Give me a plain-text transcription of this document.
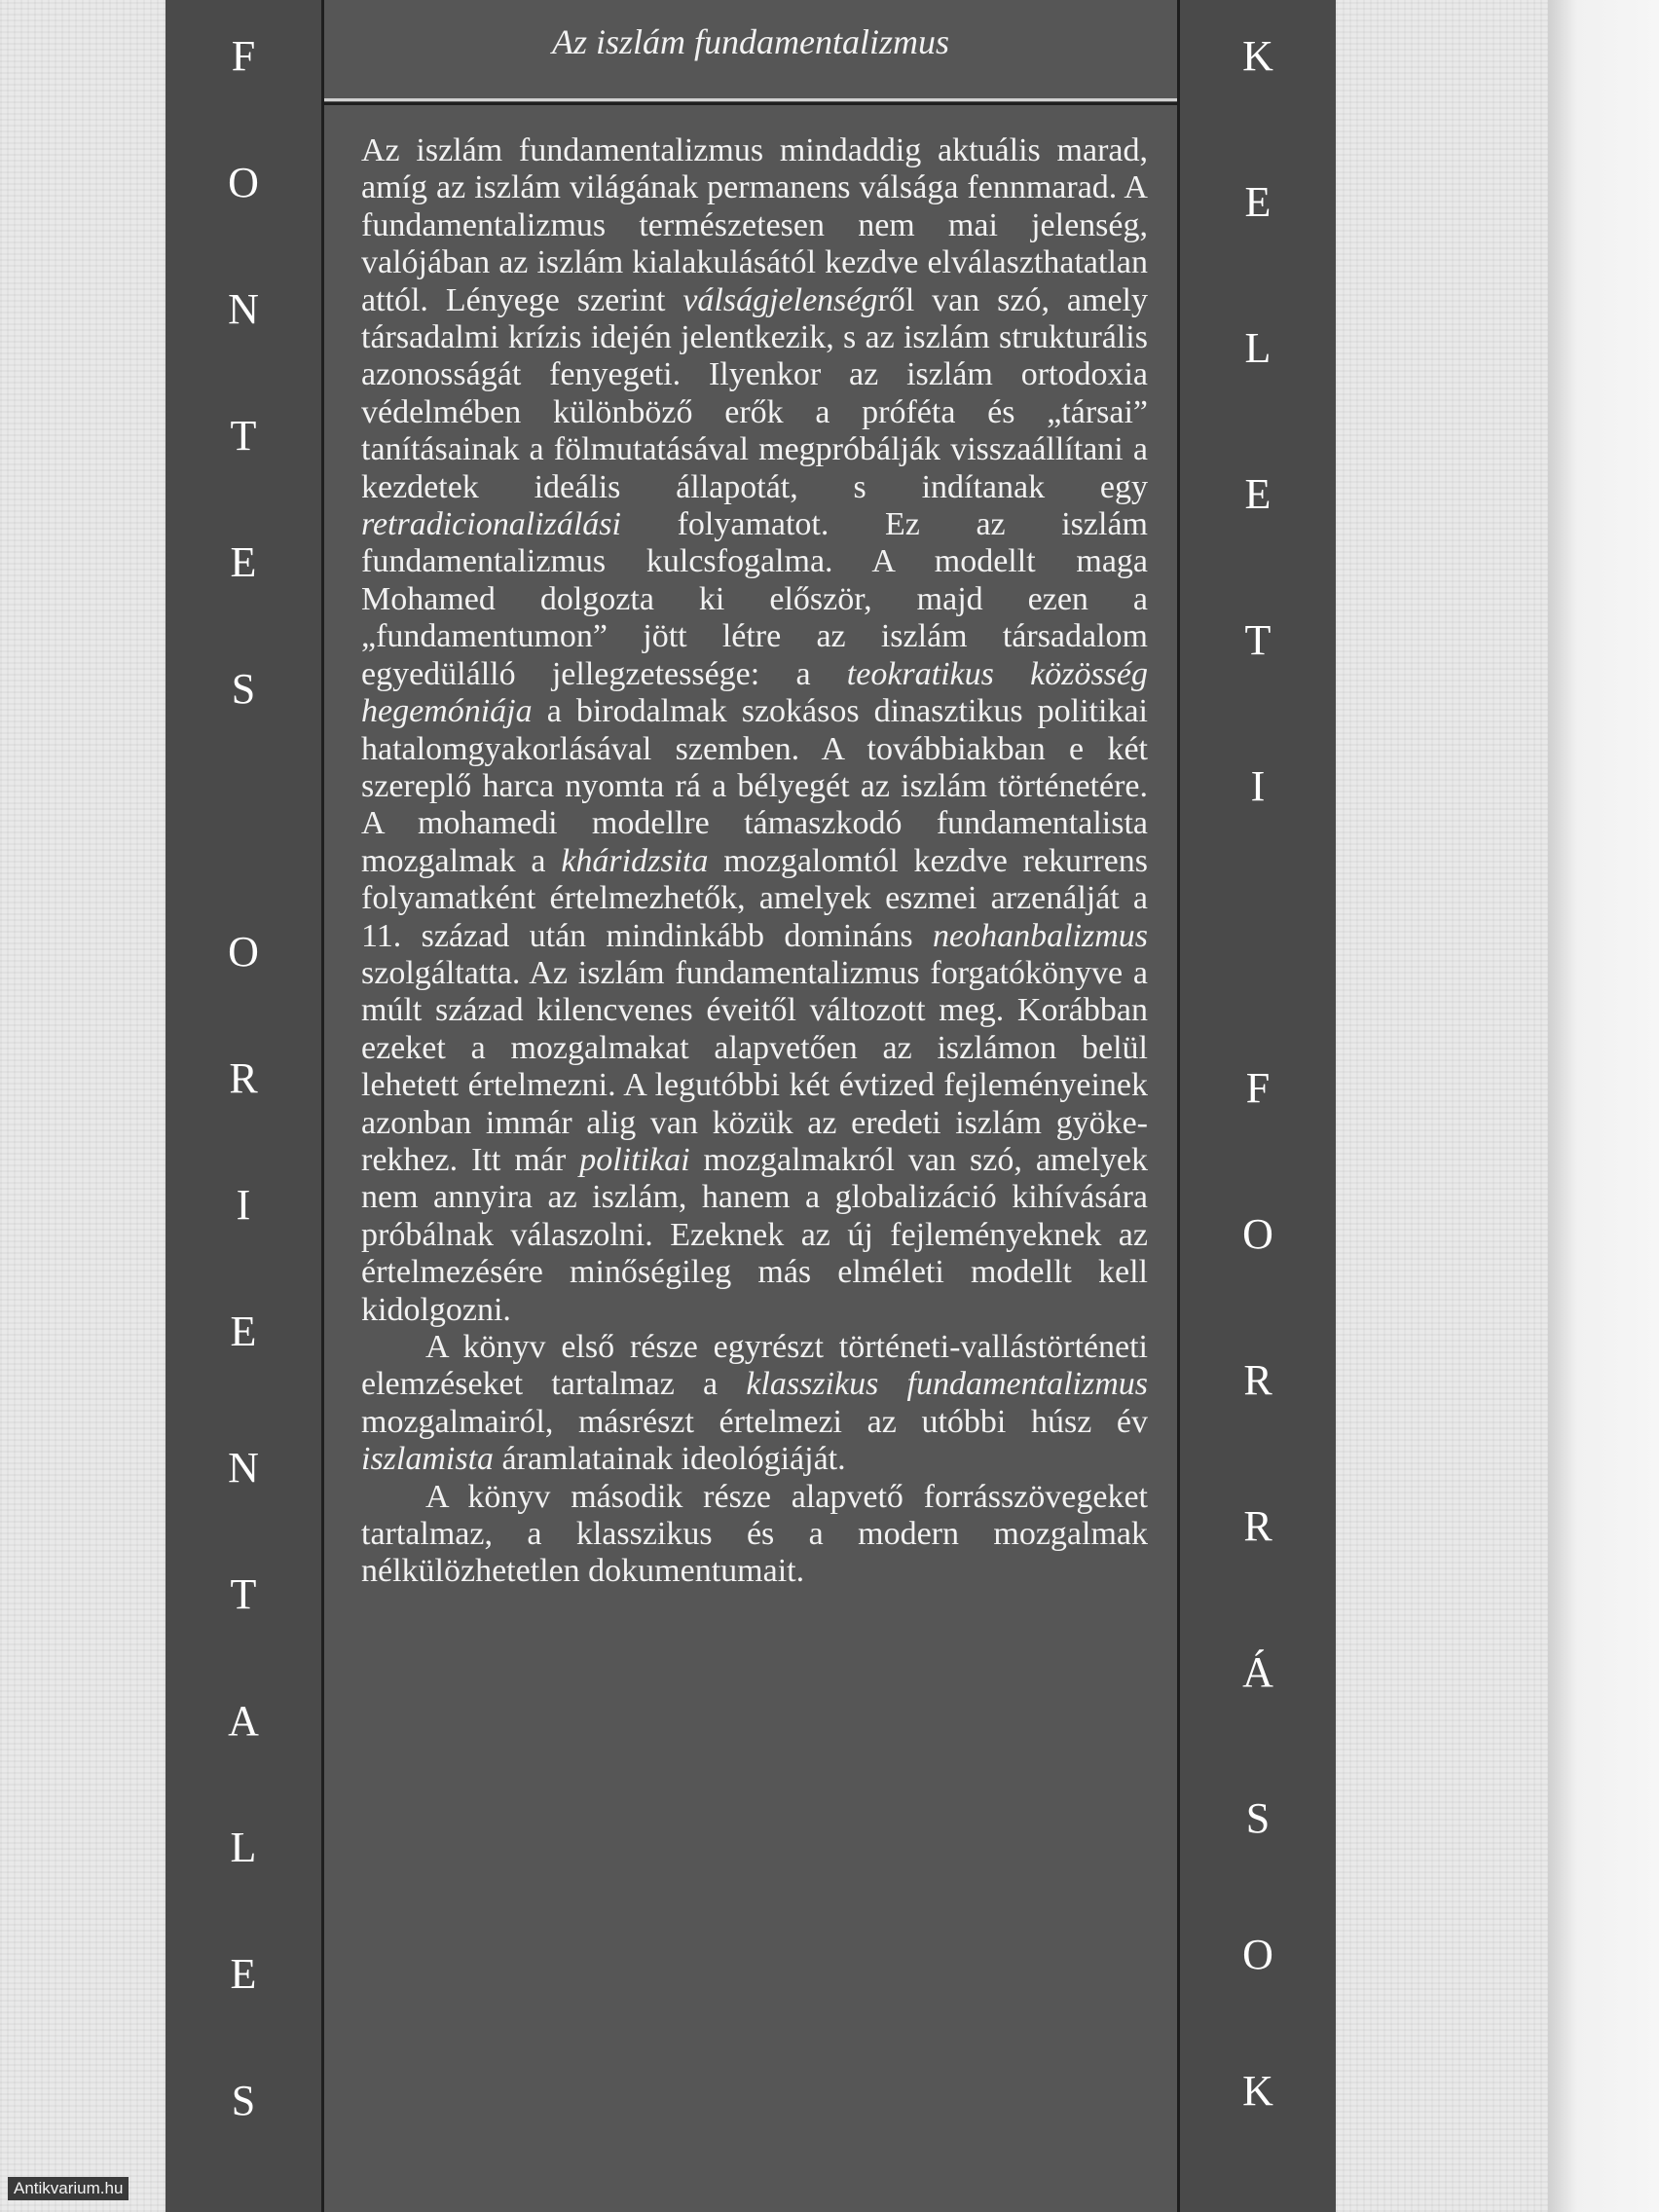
F
O
N
T
E
S
O
R
I
E
N
T
A
L
E
S
Az iszlám fundamentalizmus

Az iszlám fundamentalizmus mindaddig aktuális marad, amíg az iszlám világának permanens válsága fennmarad. A fundamentalizmus természetesen nem mai jelenség, valójában az iszlám kialakulásától kezdve elválaszthatatlan attól. Lényege szerint válságjelenségről van szó, amely társadalmi krízis idején jelentkezik, s az iszlám strukturális azonosságát fenyegeti. Ilyenkor az iszlám ortodoxia védelmében különböző erők a próféta és „társai” tanításainak a fölmutatásával megpróbálják visszaállítani a kezdetek ideális állapotát, s indítanak egy retradicionalizálási folyamatot. Ez az iszlám fundamentalizmus kulcsfogalma. A modellt maga Mohamed dolgozta ki először, majd ezen a „fundamentumon” jött létre az iszlám társadalom egyedülálló jellegzetessége: a teokratikus közösség hegemóniája a birodalmak szokásos dinasztikus politikai hatalomgyakorlásával szemben. A továbbiakban e két szereplő harca nyomta rá a bélyegét az iszlám történetére. A mohamedi modellre támaszkodó fundamentalista mozgalmak a kháridzsita mozgalomtól kezdve rekurrens folyamatként értelmezhetők, amelyek eszmei arzenálját a 11. század után mindinkább domináns neohanbalizmus szolgáltatta. Az iszlám fundamentalizmus forgatókönyve a múlt század kilencvenes éveitől változott meg. Korábban ezeket a mozgalmakat alapvetően az iszlámon belül lehetett értelmezni. A legutóbbi két évtized fejleményeinek azonban immár alig van közük az eredeti iszlám gyökerekhez. Itt már politikai mozgalmakról van szó, amelyek nem annyira az iszlám, hanem a globalizáció kihívására próbálnak válaszolni. Ezeknek az új fejleményeknek az értelmezésére minőségileg más elméleti modellt kell kidolgozni.

A könyv első része egyrészt történeti-vallástörténeti elemzéseket tartalmaz a klasszikus fundamentalizmus mozgalmairól, másrészt értelmezi az utóbbi húsz év iszlamista áramlatainak ideológiáját.

A könyv második része alapvető forrásszövegeket tartalmaz, a klasszikus és a modern mozgalmak nélkülözhetetlen dokumentumait.

K
E
L
E
T
I
F
O
R
R
Á
S
O
K
Antikvarium.hu
